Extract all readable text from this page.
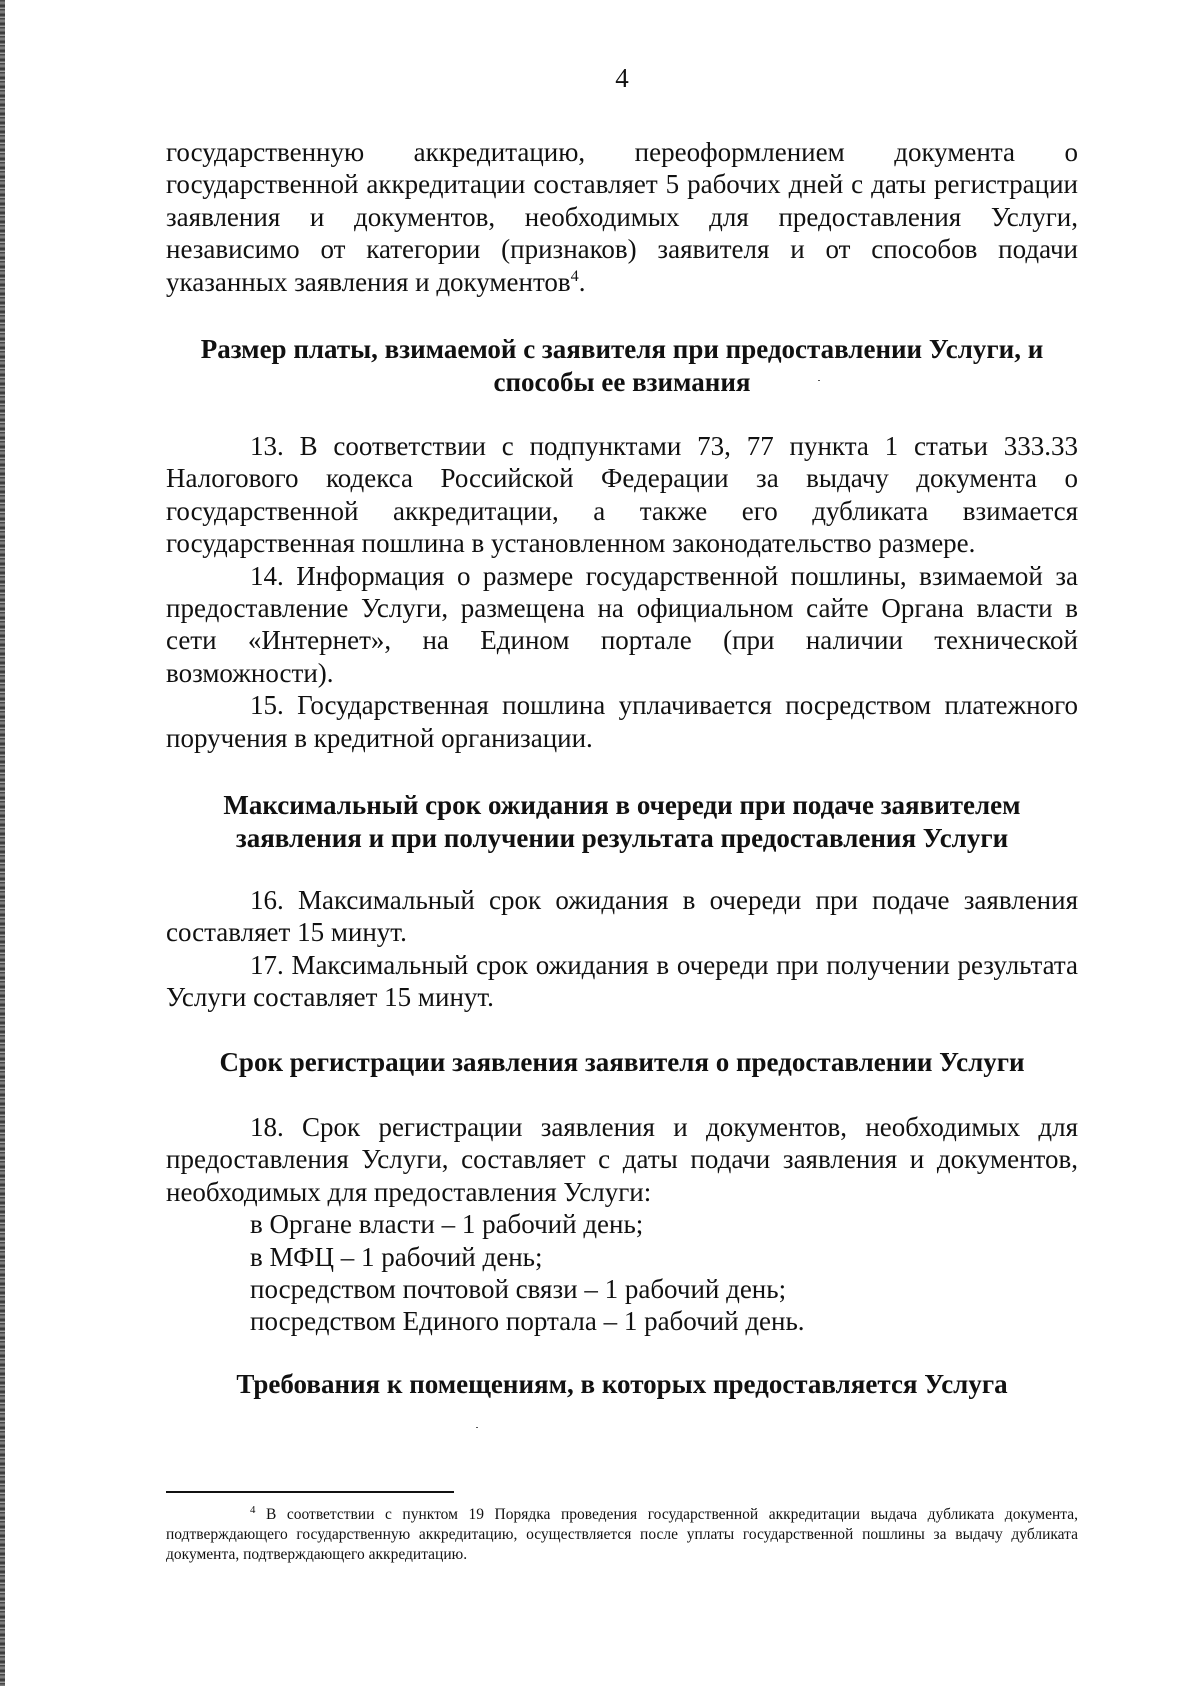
4

государственную аккредитацию, переоформлением документа о государственной аккредитации составляет 5 рабочих дней с даты регистрации заявления и документов, необходимых для предоставления Услуги, независимо от категории (признаков) заявителя и от способов подачи указанных заявления и документов$^4$.

Размер платы, взимаемой с заявителя при предоставлении Услуги, и

способы ее взимания

13. В соответствии с подпунктами 73, 77 пункта 1 статьи 333.33 Налогового кодекса Российской Федерации за выдачу документа о государственной аккредитации, а также его дубликата взимается государственная пошлина в установленном законодательство размере.

14. Информация о размере государственной пошлины, взимаемой за предоставление Услуги, размещена на официальном сайте Органа власти в сети «Интернет», на Едином портале (при наличии технической возможности).

15. Государственная пошлина уплачивается посредством платежного поручения в кредитной организации.

Максимальный срок ожидания в очереди при подаче заявителем

заявления и при получении результата предоставления Услуги

16. Максимальный срок ожидания в очереди при подаче заявления составляет 15 минут.

17. Максимальный срок ожидания в очереди при получении результата Услуги составляет 15 минут.

Срок регистрации заявления заявителя о предоставлении Услуги

18. Срок регистрации заявления и документов, необходимых для предоставления Услуги, составляет с даты подачи заявления и документов, необходимых для предоставления Услуги:

в Органе власти – 1 рабочий день;

в МФЦ – 1 рабочий день;

посредством почтовой связи – 1 рабочий день;

посредством Единого портала – 1 рабочий день.

Требования к помещениям, в которых предоставляется Услуга

$^4$ В соответствии с пунктом 19 Порядка проведения государственной аккредитации выдача дубликата документа, подтверждающего государственную аккредитацию, осуществляется после уплаты государственной пошлины за выдачу дубликата документа, подтверждающего аккредитацию.
